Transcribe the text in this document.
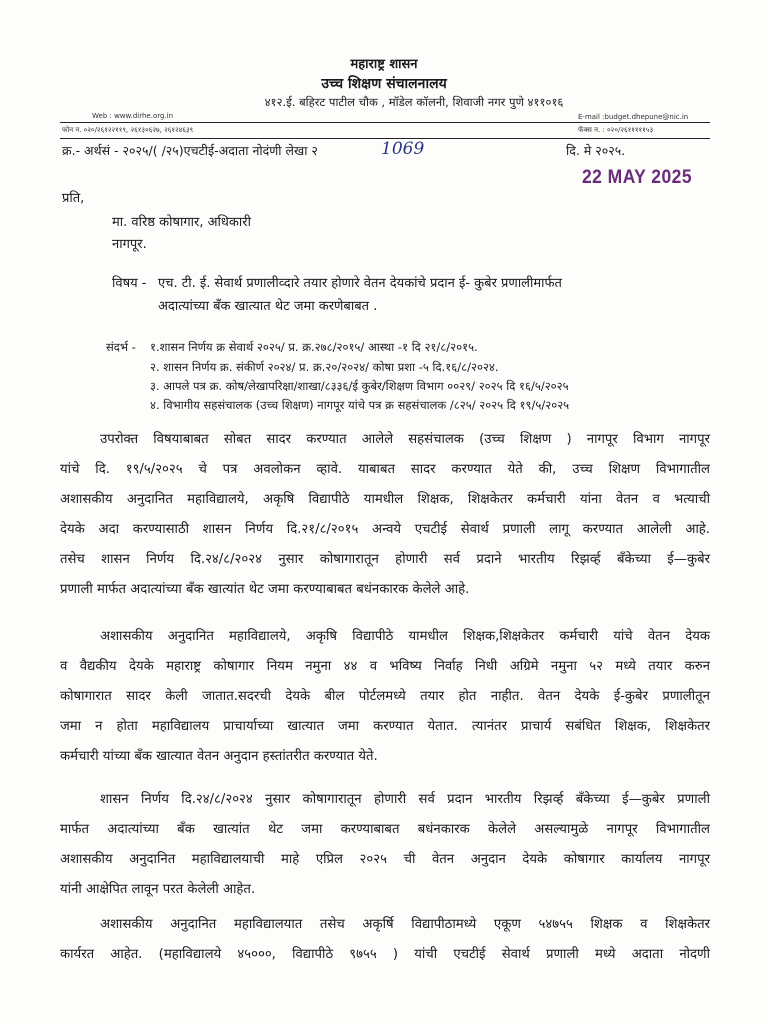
महाराष्ट्र शासन
उच्च शिक्षण संचालनालय
४१२.ई. बहिरट पाटील चौक , मॉडेल कॉलनी, शिवाजी नगर पुणे ४११०१६
Web : www.dirhe.org.in	E-mail :budget.dhepune@nic.in
फोन न. ०२०/२६१२२११९, २६१३०६२७, २६१२४६३९	फॅक्स न. : ०२०/२६१११११५३
क्र.- अर्थसं - २०२५/( /२५)एचटीई-अदाता नोदंणी लेखा २	1069	दि. मे २०२५.
22 MAY 2025
प्रति,
मा. वरिष्ठ कोषागार, अधिकारी
नागपूर.
विषय - एच. टी. ई. सेवार्थ प्रणालीव्दारे तयार होणारे वेतन देयकांचे प्रदान ई- कुबेर प्रणालीमार्फत
अदात्यांच्या बँक खात्यात थेट जमा करणेबाबत .
संदर्भ - १.शासन निर्णय क्र सेवार्थ २०२५/ प्र. क्र.२७८/२०१५/ आस्था -१ दि २१/८/२०१५.
२. शासन निर्णय क्र. संकीर्ण २०२४/ प्र. क्र.२०/२०२४/ कोषा प्रशा -५ दि.१६/८/२०२४.
३. आपले पत्र क्र. कोष/लेखापरिक्षा/शाखा/८३३६/ई कुबेर/शिक्षण विभाग ००२९/ २०२५ दि १६/५/२०२५
४. विभागीय सहसंचालक (उच्च शिक्षण) नागपूर यांचे पत्र क्र सहसंचालक /८२५/ २०२५ दि १९/५/२०२५
उपरोक्त विषयाबाबत सोबत सादर करण्यात आलेले सहसंचालक (उच्च शिक्षण ) नागपूर विभाग नागपूर
यांचे दि. १९/५/२०२५ चे पत्र अवलोकन व्हावे. याबाबत सादर करण्यात येते की, उच्च शिक्षण विभागातील
अशासकीय अनुदानित महाविद्यालये, अकृषि विद्यापीठे यामधील शिक्षक, शिक्षकेतर कर्मचारी यांना वेतन व भत्याची
देयके अदा करण्यासाठी शासन निर्णय दि.२१/८/२०१५ अन्वये एचटीई सेवार्थ प्रणाली लागू करण्यात आलेली आहे.
तसेच शासन निर्णय दि.२४/८/२०२४ नुसार कोषागारातून होणारी सर्व प्रदाने भारतीय रिझर्व्ह बँकेच्या ई—कुबेर
प्रणाली मार्फत अदात्यांच्या बँक खात्यांत थेट जमा करण्याबाबत बधंनकारक केलेले आहे.
अशासकीय अनुदानित महाविद्यालये, अकृषि विद्यापीठे यामधील शिक्षक,शिक्षकेतर कर्मचारी यांचे वेतन देयक
व वैद्यकीय देयके महाराष्ट्र कोषागार नियम नमुना ४४ व भविष्य निर्वाह निधी अग्रिमे नमुना ५२ मध्ये तयार करुन
कोषागारात सादर केली जातात.सदरची देयके बील पोर्टलमध्ये तयार होत नाहीत. वेतन देयके ई-कुबेर प्रणालीतून
जमा न होता महाविद्यालय प्राचार्याच्या खात्यात जमा करण्यात येतात. त्यानंतर प्राचार्य सबंधित शिक्षक, शिक्षकेतर
कर्मचारी यांच्या बँक खात्यात वेतन अनुदान हस्तांतरीत करण्यात येते.
शासन निर्णय दि.२४/८/२०२४ नुसार कोषागारातून होणारी सर्व प्रदान भारतीय रिझर्व्ह बँकेच्या ई—कुबेर प्रणाली
मार्फत अदात्यांच्या बँक खात्यांत थेट जमा करण्याबाबत बधंनकारक केलेले असल्यामुळे नागपूर विभागातील
अशासकीय अनुदानित महाविद्यालयाची माहे एप्रिल २०२५ ची वेतन अनुदान देयके कोषागार कार्यालय नागपूर
यांनी आक्षेपित लावून परत केलेली आहेत.
अशासकीय अनुदानित महाविद्यालयात तसेच अकृर्षि विद्यापीठामध्ये एकूण ५४७५५ शिक्षक व शिक्षकेतर
कार्यरत आहेत. (महाविद्यालये ४५०००, विद्यापीठे ९७५५ ) यांची एचटीई सेवार्थ प्रणाली मध्ये अदाता नोदणी
